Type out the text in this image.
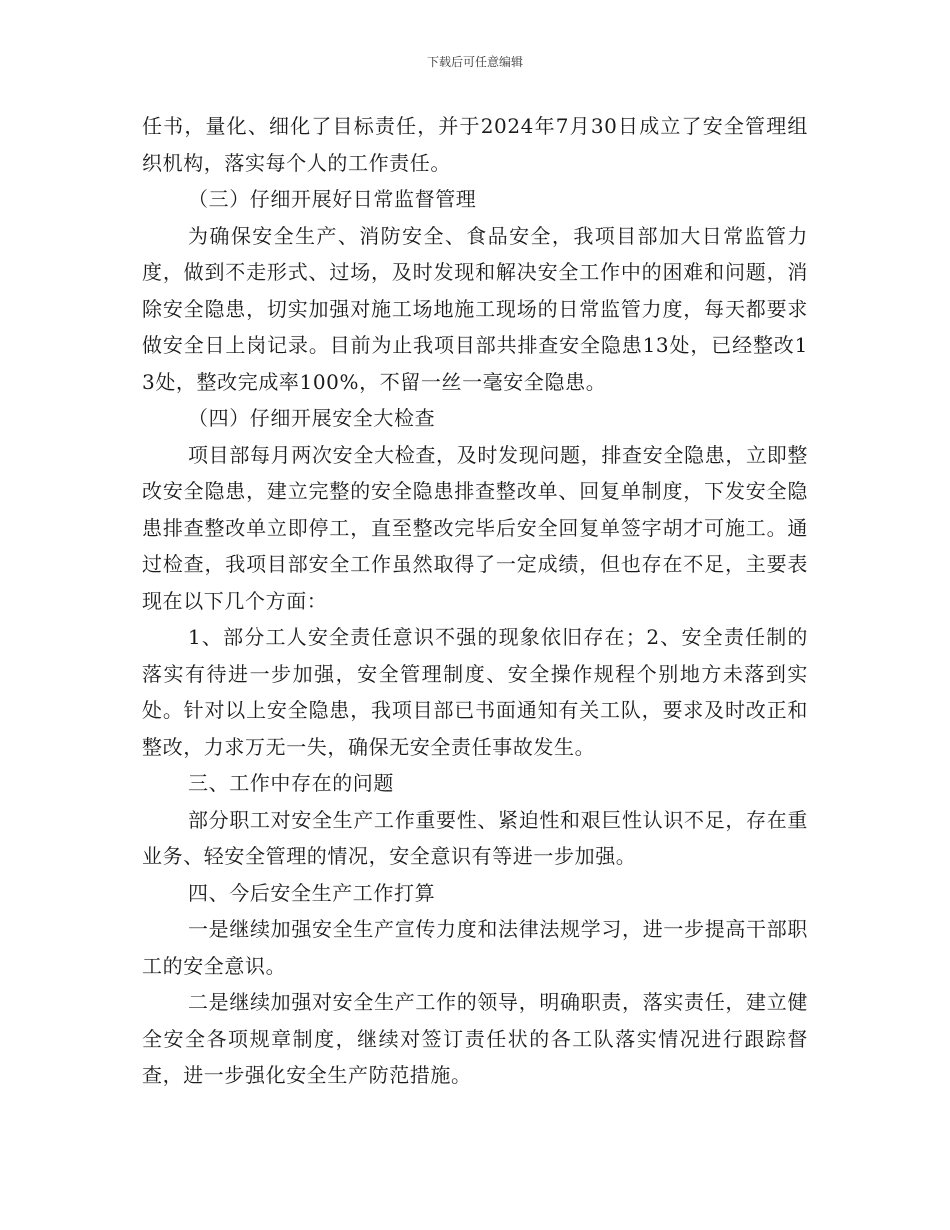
下载后可任意编辑

任书，量化、细化了目标责任，并于2024年7月30日成立了安全管理组织机构，落实每个人的工作责任。

（三）仔细开展好日常监督管理

为确保安全生产、消防安全、食品安全，我项目部加大日常监管力度，做到不走形式、过场，及时发现和解决安全工作中的困难和问题，消除安全隐患，切实加强对施工场地施工现场的日常监管力度，每天都要求做安全日上岗记录。目前为止我项目部共排查安全隐患13处，已经整改13处，整改完成率100%，不留一丝一毫安全隐患。

（四）仔细开展安全大检查

项目部每月两次安全大检查，及时发现问题，排查安全隐患，立即整改安全隐患，建立完整的安全隐患排查整改单、回复单制度，下发安全隐患排查整改单立即停工，直至整改完毕后安全回复单签字胡才可施工。通过检查，我项目部安全工作虽然取得了一定成绩，但也存在不足，主要表现在以下几个方面：

1、部分工人安全责任意识不强的现象依旧存在；2、安全责任制的落实有待进一步加强，安全管理制度、安全操作规程个别地方未落到实处。针对以上安全隐患，我项目部已书面通知有关工队，要求及时改正和整改，力求万无一失，确保无安全责任事故发生。

三、工作中存在的问题

部分职工对安全生产工作重要性、紧迫性和艰巨性认识不足，存在重业务、轻安全管理的情况，安全意识有等进一步加强。

四、今后安全生产工作打算

一是继续加强安全生产宣传力度和法律法规学习，进一步提高干部职工的安全意识。

二是继续加强对安全生产工作的领导，明确职责，落实责任，建立健全安全各项规章制度，继续对签订责任状的各工队落实情况进行跟踪督查，进一步强化安全生产防范措施。
